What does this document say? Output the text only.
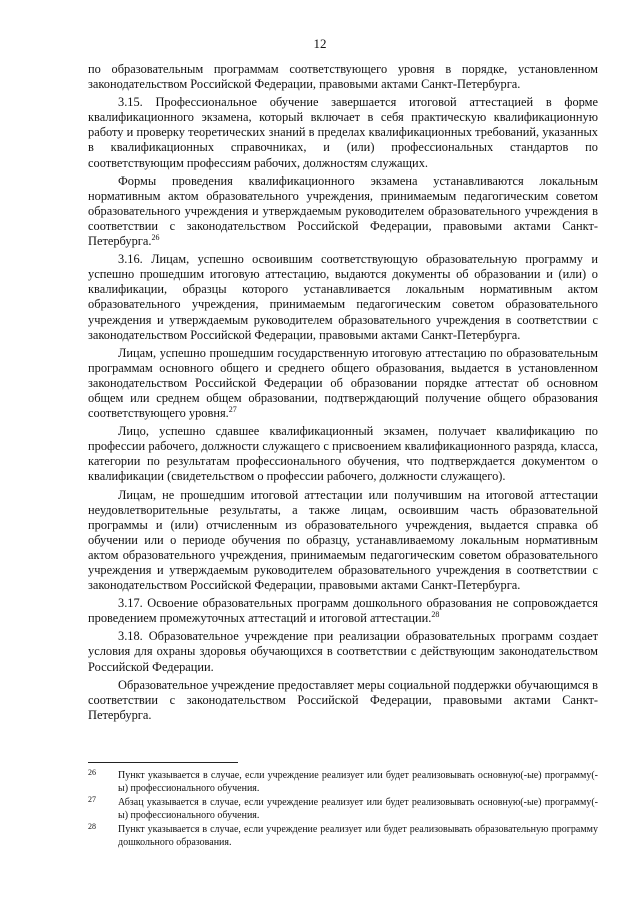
12

по образовательным программам соответствующего уровня в порядке, установленном законодательством Российской Федерации, правовыми актами Санкт-Петербурга.

3.15. Профессиональное обучение завершается итоговой аттестацией в форме квалификационного экзамена, который включает в себя практическую квалификационную работу и проверку теоретических знаний в пределах квалификационных требований, указанных в квалификационных справочниках, и (или) профессиональных стандартов по соответствующим профессиям рабочих, должностям служащих.

Формы проведения квалификационного экзамена устанавливаются локальным нормативным актом образовательного учреждения, принимаемым педагогическим советом образовательного учреждения и утверждаемым руководителем образовательного учреждения в соответствии с законодательством Российской Федерации, правовыми актами Санкт-Петербурга.$^{26}$

3.16. Лицам, успешно освоившим соответствующую образовательную программу и успешно прошедшим итоговую аттестацию, выдаются документы об образовании и (или) о квалификации, образцы которого устанавливается локальным нормативным актом образовательного учреждения, принимаемым педагогическим советом образовательного учреждения и утверждаемым руководителем образовательного учреждения в соответствии с законодательством Российской Федерации, правовыми актами Санкт-Петербурга.

Лицам, успешно прошедшим государственную итоговую аттестацию по образовательным программам основного общего и среднего общего образования, выдается в установленном законодательством Российской Федерации об образовании порядке аттестат об основном общем или среднем общем образовании, подтверждающий получение общего образования соответствующего уровня.$^{27}$

Лицо, успешно сдавшее квалификационный экзамен, получает квалификацию по профессии рабочего, должности служащего с присвоением квалификационного разряда, класса, категории по результатам профессионального обучения, что подтверждается документом о квалификации (свидетельством о профессии рабочего, должности служащего).

Лицам, не прошедшим итоговой аттестации или получившим на итоговой аттестации неудовлетворительные результаты, а также лицам, освоившим часть образовательной программы и (или) отчисленным из образовательного учреждения, выдается справка об обучении или о периоде обучения по образцу, устанавливаемому локальным нормативным актом образовательного учреждения, принимаемым педагогическим советом образовательного учреждения и утверждаемым руководителем образовательного учреждения в соответствии с законодательством Российской Федерации, правовыми актами Санкт-Петербурга.

3.17. Освоение образовательных программ дошкольного образования не сопровождается проведением промежуточных аттестаций и итоговой аттестации.$^{28}$

3.18. Образовательное учреждение при реализации образовательных программ создает условия для охраны здоровья обучающихся в соответствии с действующим законодательством Российской Федерации.

Образовательное учреждение предоставляет меры социальной поддержки обучающимся в соответствии с законодательством Российской Федерации, правовыми актами Санкт-Петербурга.

26 Пункт указывается в случае, если учреждение реализует или будет реализовывать основную(-ые) программу(-ы) профессионального обучения.
27 Абзац указывается в случае, если учреждение реализует или будет реализовывать основную(-ые) программу(-ы) профессионального обучения.
28 Пункт указывается в случае, если учреждение реализует или будет реализовывать образовательную программу дошкольного образования.
